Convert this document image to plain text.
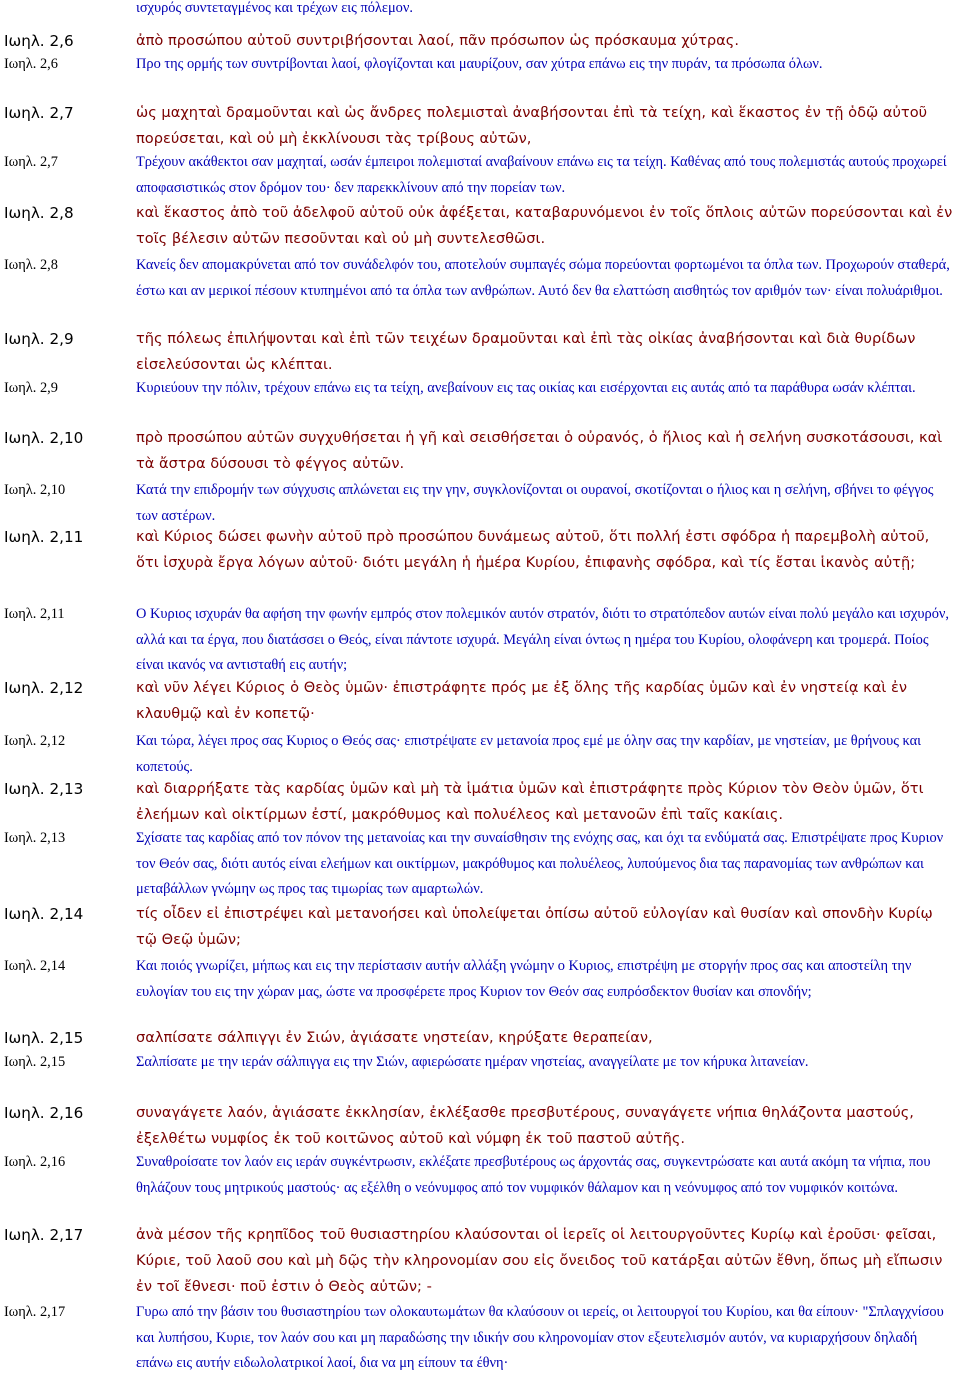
ισχυρός συντεταγμένος και τρέχων εις πόλεμον.

Ιωηλ. 2,6	ἀπὸ προσώπου αὐτοῦ συντριβήσονται λαοί, πᾶν πρόσωπον ὡς πρόσκαυμα χύτρας.

Ιωηλ. 2,6	Προ της ορμής των συντρίβονται λαοί, φλογίζονται και μαυρίζουν, σαν χύτρα επάνω εις την πυράν, τα πρόσωπα όλων.

Ιωηλ. 2,7	ὡς μαχηταὶ δραμοῦνται καὶ ὡς ἄνδρες πολεμισταὶ ἀναβήσονται ἐπὶ τὰ τείχη, καὶ ἕκαστος ἐν τῇ ὁδῷ αὐτοῦ πορεύσεται, καὶ οὐ μὴ ἐκκλίνουσι τὰς τρίβους αὐτῶν,

Ιωηλ. 2,7	Τρέχουν ακάθεκτοι σαν μαχηταί, ωσάν έμπειροι πολεμισταί αναβαίνουν επάνω εις τα τείχη. Καθένας από τους πολεμιστάς αυτούς προχωρεί αποφασιστικώς στον δρόμον του· δεν παρεκκλίνουν από την πορείαν των.

Ιωηλ. 2,8	καὶ ἕκαστος ἀπὸ τοῦ ἀδελφοῦ αὐτοῦ οὐκ ἀφέξεται, καταβαρυνόμενοι ἐν τοῖς ὅπλοις αὐτῶν πορεύσονται καὶ ἐν τοῖς βέλεσιν αὐτῶν πεσοῦνται καὶ οὐ μὴ συντελεσθῶσι.

Ιωηλ. 2,8	Κανείς δεν απομακρύνεται από τον συνάδελφόν του, αποτελούν συμπαγές σώμα πορεύονται φορτωμένοι τα όπλα των. Προχωρούν σταθερά, έστω και αν μερικοί πέσουν κτυπημένοι από τα όπλα των ανθρώπων. Αυτό δεν θα ελαττώση αισθητώς τον αριθμόν των· είναι πολυάριθμοι.

Ιωηλ. 2,9	τῆς πόλεως ἐπιλήψονται καὶ ἐπὶ τῶν τειχέων δραμοῦνται καὶ ἐπὶ τὰς οἰκίας ἀναβήσονται καὶ διὰ θυρίδων εἰσελεύσονται ὡς κλέπται.

Ιωηλ. 2,9	Κυριεύουν την πόλιν, τρέχουν επάνω εις τα τείχη, ανεβαίνουν εις τας οικίας και εισέρχονται εις αυτάς από τα παράθυρα ωσάν κλέπται.

Ιωηλ. 2,10	πρὸ προσώπου αὐτῶν συγχυθήσεται ἡ γῆ καὶ σεισθήσεται ὁ οὐρανός, ὁ ἥλιος καὶ ἡ σελήνη συσκοτάσουσι, καὶ τὰ ἄστρα δύσουσι τὸ φέγγος αὐτῶν.

Ιωηλ. 2,10	Κατά την επιδρομήν των σύγχυσις απλώνεται εις την γην, συγκλονίζονται οι ουρανοί, σκοτίζονται ο ήλιος και η σελήνη, σβήνει το φέγγος των αστέρων.

Ιωηλ. 2,11	καὶ Κύριος δώσει φωνὴν αὐτοῦ πρὸ προσώπου δυνάμεως αὐτοῦ, ὅτι πολλή ἐστι σφόδρα ἡ παρεμβολὴ αὐτοῦ, ὅτι ἰσχυρὰ ἔργα λόγων αὐτοῦ· διότι μεγάλη ἡ ἡμέρα Κυρίου, ἐπιφανὴς σφόδρα, καὶ τίς ἔσται ἱκανὸς αὐτῇ;

Ιωηλ. 2,11	Ο Κυριος ισχυράν θα αφήση την φωνήν εμπρός στον πολεμικόν αυτόν στρατόν, διότι το στρατόπεδον αυτών είναι πολύ μεγάλο και ισχυρόν, αλλά και τα έργα, που διατάσσει ο Θεός, είναι πάντοτε ισχυρά. Μεγάλη είναι όντως η ημέρα του Κυρίου, ολοφάνερη και τρομερά. Ποίος είναι ικανός να αντισταθή εις αυτήν;

Ιωηλ. 2,12	καὶ νῦν λέγει Κύριος ὁ Θεὸς ὑμῶν· ἐπιστράφητε πρός με ἐξ ὅλης τῆς καρδίας ὑμῶν καὶ ἐν νηστείᾳ καὶ ἐν κλαυθμῷ καὶ ἐν κοπετῷ·

Ιωηλ. 2,12	Και τώρα, λέγει προς σας Κυριος ο Θεός σας· επιστρέψατε εν μετανοία προς εμέ με όλην σας την καρδίαν, με νηστείαν, με θρήνους και κοπετούς.

Ιωηλ. 2,13	καὶ διαρρήξατε τὰς καρδίας ὑμῶν καὶ μὴ τὰ ἱμάτια ὑμῶν καὶ ἐπιστράφητε πρὸς Κύριον τὸν Θεὸν ὑμῶν, ὅτι ἐλεήμων καὶ οἰκτίρμων ἐστί, μακρόθυμος καὶ πολυέλεος καὶ μετανοῶν ἐπὶ ταῖς κακίαις.

Ιωηλ. 2,13	Σχίσατε τας καρδίας από τον πόνον της μετανοίας και την συναίσθησιν της ενόχης σας, και όχι τα ενδύματά σας. Επιστρέψατε προς Κυριον τον Θεόν σας, διότι αυτός είναι ελεήμων και οικτίρμων, μακρόθυμος και πολυέλεος, λυπούμενος δια τας παρανομίας των ανθρώπων και μεταβάλλων γνώμην ως προς τας τιμωρίας των αμαρτωλών.

Ιωηλ. 2,14	τίς οἶδεν εἰ ἐπιστρέψει καὶ μετανοήσει καὶ ὑπολείψεται ὀπίσω αὐτοῦ εὐλογίαν καὶ θυσίαν καὶ σπονδὴν Κυρίῳ τῷ Θεῷ ὑμῶν;

Ιωηλ. 2,14	Και ποιός γνωρίζει, μήπως και εις την περίστασιν αυτήν αλλάξη γνώμην ο Κυριος, επιστρέψη με στοργήν προς σας και αποστείλη την ευλογίαν του εις την χώραν μας, ώστε να προσφέρετε προς Κυριον τον Θεόν σας ευπρόσδεκτον θυσίαν και σπονδήν;

Ιωηλ. 2,15	σαλπίσατε σάλπιγγι ἐν Σιών, ἁγιάσατε νηστείαν, κηρύξατε θεραπείαν,

Ιωηλ. 2,15	Σαλπίσατε με την ιεράν σάλπιγγα εις την Σιών, αφιερώσατε ημέραν νηστείας, αναγγείλατε με τον κήρυκα λιτανείαν.

Ιωηλ. 2,16	συναγάγετε λαόν, ἁγιάσατε ἐκκλησίαν, ἐκλέξασθε πρεσβυτέρους, συναγάγετε νήπια θηλάζοντα μαστούς, ἐξελθέτω νυμφίος ἐκ τοῦ κοιτῶνος αὐτοῦ καὶ νύμφη ἐκ τοῦ παστοῦ αὐτῆς.

Ιωηλ. 2,16	Συναθροίσατε τον λαόν εις ιεράν συγκέντρωσιν, εκλέξατε πρεσβυτέρους ως άρχοντάς σας, συγκεντρώσατε και αυτά ακόμη τα νήπια, που θηλάζουν τους μητρικούς μαστούς· ας εξέλθη ο νεόνυμφος από τον νυμφικόν θάλαμον και η νεόνυμφος από τον νυμφικόν κοιτώνα.

Ιωηλ. 2,17	ἀνὰ μέσον τῆς κρηπῖδος τοῦ θυσιαστηρίου κλαύσονται οἱ ἱερεῖς οἱ λειτουργοῦντες Κυρίῳ καὶ ἐροῦσι· φεῖσαι, Κύριε, τοῦ λαοῦ σου καὶ μὴ δῷς τὴν κληρονομίαν σου εἰς ὄνειδος τοῦ κατάρξαι αὐτῶν ἔθνη, ὅπως μὴ εἴπωσιν ἐν τοῖ ἔθνεσι· ποῦ ἐστιν ὁ Θεὸς αὐτῶν; -

Ιωηλ. 2,17	Γυρω από την βάσιν του θυσιαστηρίου των ολοκαυτωμάτων θα κλαύσουν οι ιερείς, οι λειτουργοί του Κυρίου, και θα είπουν· "Σπλαγχνίσου και λυπήσου, Κυριε, τον λαόν σου και μη παραδώσης την ιδικήν σου κληρονομίαν στον εξευτελισμόν αυτόν, να κυριαρχήσουν δηλαδή επάνω εις αυτήν ειδωλολατρικοί λαοί, δια να μη είπουν τα έθνη·
